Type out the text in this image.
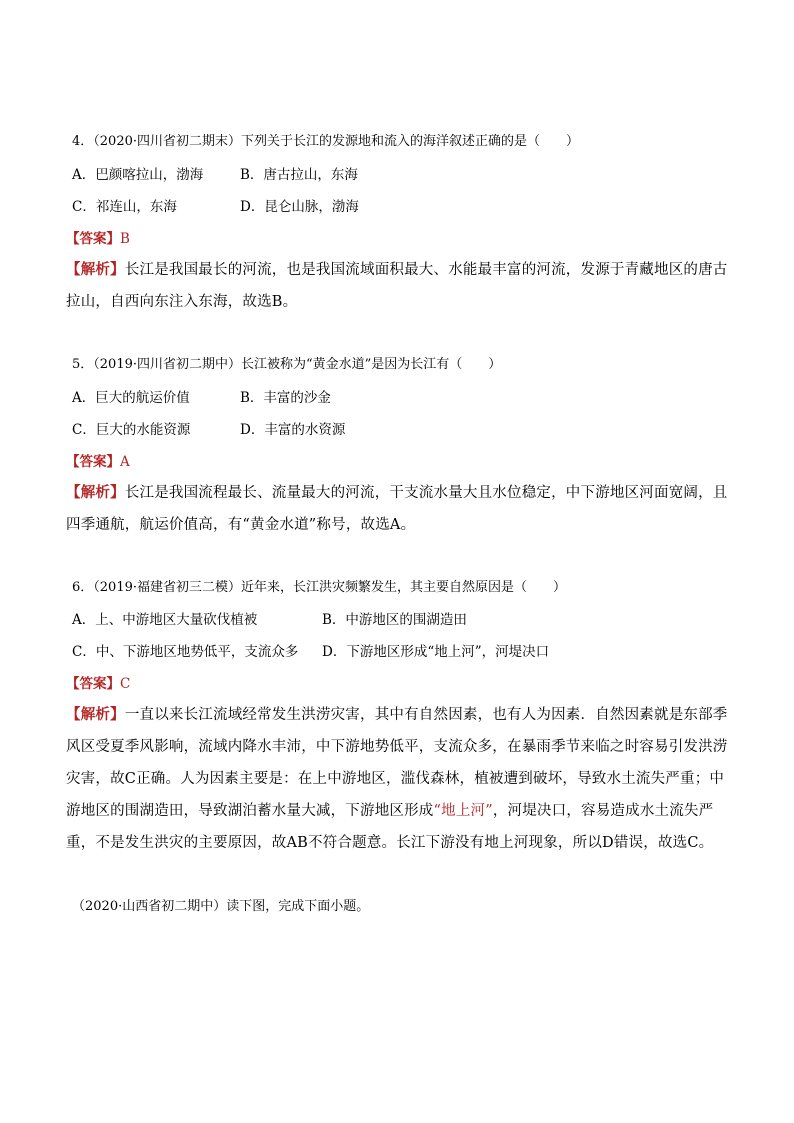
4．（2020·四川省初二期末）下列关于长江的发源地和流入的海洋叙述正确的是（　　）
A．巴颜喀拉山，渤海	B．唐古拉山，东海
C．祁连山，东海	D．昆仑山脉，渤海
【答案】B
【解析】长江是我国最长的河流，也是我国流域面积最大、水能最丰富的河流，发源于青藏地区的唐古拉山，自西向东注入东海，故选B。
5．（2019·四川省初二期中）长江被称为“黄金水道”是因为长江有（　　）
A．巨大的航运价值	B．丰富的沙金
C．巨大的水能资源	D．丰富的水资源
【答案】A
【解析】长江是我国流程最长、流量最大的河流，干支流水量大且水位稳定，中下游地区河面宽阔，且四季通航，航运价值高，有“黄金水道”称号，故选A。
6．（2019·福建省初三二模）近年来，长江洪灾频繁发生，其主要自然原因是（　　）
A．上、中游地区大量砍伐植被	B．中游地区的围湖造田
C．中、下游地区地势低平，支流众多 D．下游地区形成“地上河”，河堤决口
【答案】C
【解析】一直以来长江流域经常发生洪涝灾害，其中有自然因素，也有人为因素．自然因素就是东部季风区受夏季风影响，流域内降水丰沛，中下游地势低平，支流众多，在暴雨季节来临之时容易引发洪涝灾害，故C正确。人为因素主要是：在上中游地区，滥伐森林，植被遭到破坏，导致水土流失严重；中游地区的围湖造田，导致湖泊蓄水量大减，下游地区形成“地上河”，河堤决口，容易造成水土流失严重，不是发生洪灾的主要原因，故AB不符合题意。长江下游没有地上河现象，所以D错误，故选C。
（2020·山西省初二期中）读下图，完成下面小题。
